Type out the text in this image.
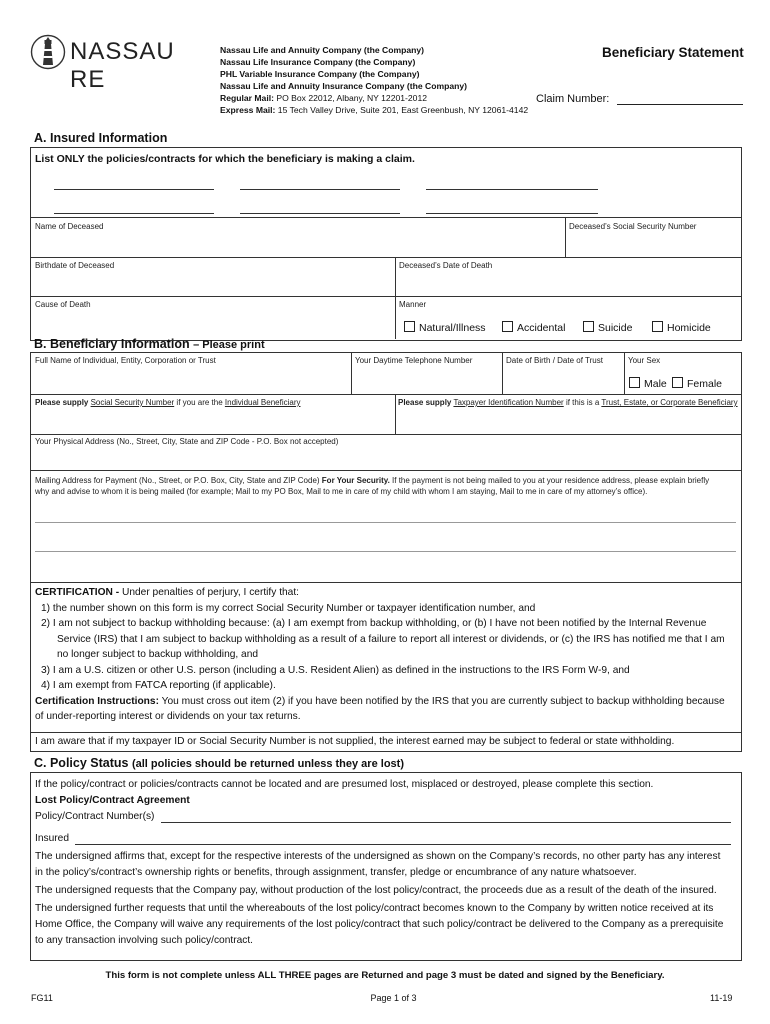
NASSAU RE
Nassau Life and Annuity Company (the Company)
Nassau Life Insurance Company (the Company)
PHL Variable Insurance Company (the Company)
Nassau Life and Annuity Insurance Company (the Company)
Regular Mail: PO Box 22012, Albany, NY 12201-2012
Express Mail: 15 Tech Valley Drive, Suite 201, East Greenbush, NY 12061-4142
Beneficiary Statement
Claim Number:
A. Insured Information
List ONLY the policies/contracts for which the beneficiary is making a claim.
Name of Deceased	Deceased’s Social Security Number
Birthdate of Deceased	Deceased’s Date of Death
Cause of Death	Manner
Natural/Illness	Accidental	Suicide	Homicide
B. Beneficiary Information – Please print
Full Name of Individual, Entity, Corporation or Trust	Your Daytime Telephone Number	Date of Birth / Date of Trust	Your Sex
Male	Female
Please supply Social Security Number if you are the Individual Beneficiary	Please supply Taxpayer Identification Number if this is a Trust, Estate, or Corporate Beneficiary
Your Physical Address (No., Street, City, State and ZIP Code - P.O. Box not accepted)
Mailing Address for Payment (No., Street, or P.O. Box, City, State and ZIP Code) For Your Security. If the payment is not being mailed to you at your residence address, please explain briefly
why and advise to whom it is being mailed (for example; Mail to my PO Box, Mail to me in care of my child with whom I am staying, Mail to me in care of my attorney’s office).
CERTIFICATION - Under penalties of perjury, I certify that:
1) the number shown on this form is my correct Social Security Number or taxpayer identification number, and
2) I am not subject to backup withholding because: (a) I am exempt from backup withholding, or (b) I have not been notified by the Internal Revenue
Service (IRS) that I am subject to backup withholding as a result of a failure to report all interest or dividends, or (c) the IRS has notified me that I am
no longer subject to backup withholding, and
3) I am a U.S. citizen or other U.S. person (including a U.S. Resident Alien) as defined in the instructions to the IRS Form W-9, and
4) I am exempt from FATCA reporting (if applicable).
Certification Instructions: You must cross out item (2) if you have been notified by the IRS that you are currently subject to backup withholding because
of under-reporting interest or dividends on your tax returns.
I am aware that if my taxpayer ID or Social Security Number is not supplied, the interest earned may be subject to federal or state withholding.
C. Policy Status (all policies should be returned unless they are lost)
If the policy/contract or policies/contracts cannot be located and are presumed lost, misplaced or destroyed, please complete this section.
Lost Policy/Contract Agreement
Policy/Contract Number(s)
Insured
The undersigned affirms that, except for the respective interests of the undersigned as shown on the Company’s records, no other party has any interest
in the policy’s/contract’s ownership rights or benefits, through assignment, transfer, pledge or encumbrance of any nature whatsoever.
The undersigned requests that the Company pay, without production of the lost policy/contract, the proceeds due as a result of the death of the insured.
The undersigned further requests that until the whereabouts of the lost policy/contract becomes known to the Company by written notice received at its
Home Office, the Company will waive any requirements of the lost policy/contract that such policy/contract be delivered to the Company as a prerequisite
to any transaction involving such policy/contract.
This form is not complete unless ALL THREE pages are Returned and page 3 must be dated and signed by the Beneficiary.
FG11	Page 1 of 3	11-19
